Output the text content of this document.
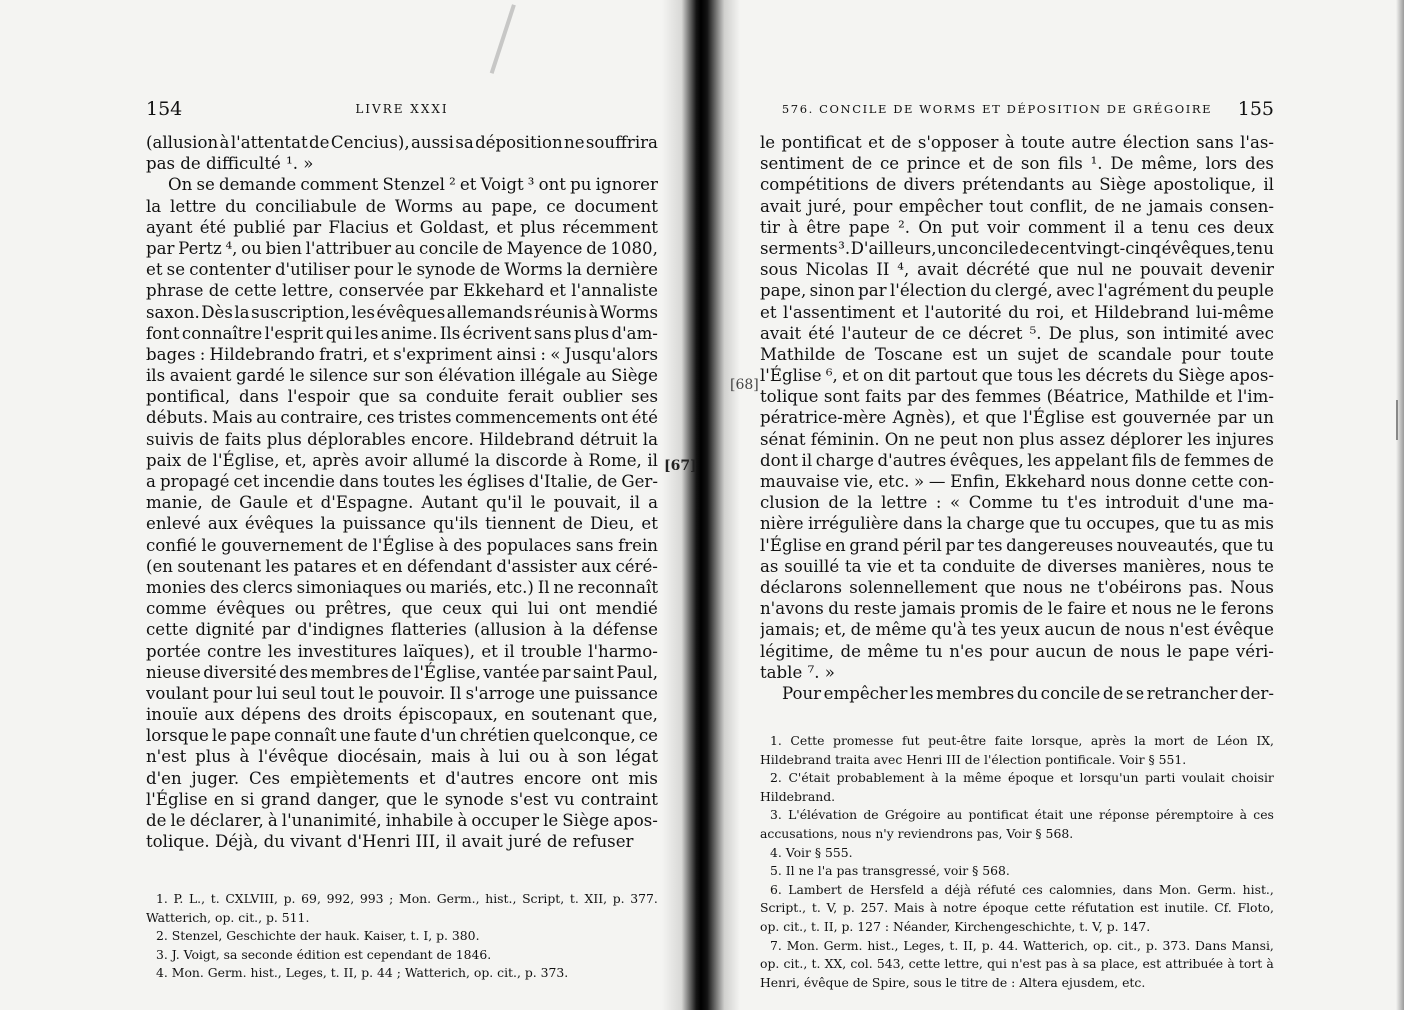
154	LIVRE XXXI
(allusion à l'attentat de Cencius), aussi sa déposition ne souffrira
pas de difficulté ¹. »
On se demande comment Stenzel ² et Voigt ³ ont pu ignorer
la lettre du conciliabule de Worms au pape, ce document
ayant été publié par Flacius et Goldast, et plus récemment
par Pertz ⁴, ou bien l'attribuer au concile de Mayence de 1080,
et se contenter d'utiliser pour le synode de Worms la dernière
phrase de cette lettre, conservée par Ekkehard et l'annaliste
saxon. Dès la suscription, les évêques allemands réunis à Worms
font connaître l'esprit qui les anime. Ils écrivent sans plus d'am-
bages : Hildebrando fratri, et s'expriment ainsi : « Jusqu'alors
ils avaient gardé le silence sur son élévation illégale au Siège
pontifical, dans l'espoir que sa conduite ferait oublier ses
débuts. Mais au contraire, ces tristes commencements ont été
suivis de faits plus déplorables encore. Hildebrand détruit la
paix de l'Église, et, après avoir allumé la discorde à Rome, il
a propagé cet incendie dans toutes les églises d'Italie, de Ger-
manie, de Gaule et d'Espagne. Autant qu'il le pouvait, il a
enlevé aux évêques la puissance qu'ils tiennent de Dieu, et
confié le gouvernement de l'Église à des populaces sans frein
(en soutenant les patares et en défendant d'assister aux céré-
monies des clercs simoniaques ou mariés, etc.) Il ne reconnaît
comme évêques ou prêtres, que ceux qui lui ont mendié
cette dignité par d'indignes flatteries (allusion à la défense
portée contre les investitures laïques), et il trouble l'harmo-
nieuse diversité des membres de l'Église, vantée par saint Paul,
voulant pour lui seul tout le pouvoir. Il s'arroge une puissance
inouïe aux dépens des droits épiscopaux, en soutenant que,
lorsque le pape connaît une faute d'un chrétien quelconque, ce
n'est plus à l'évêque diocésain, mais à lui ou à son légat
d'en juger. Ces empiètements et d'autres encore ont mis
l'Église en si grand danger, que le synode s'est vu contraint
de le déclarer, à l'unanimité, inhabile à occuper le Siège apos-
tolique. Déjà, du vivant d'Henri III, il avait juré de refuser
1. P. L., t. CXLVIII, p. 69, 992, 993 ; Mon. Germ., hist., Script, t. XII, p. 377.
Watterich, op. cit., p. 511.
2. Stenzel, Geschichte der hauk. Kaiser, t. I, p. 380.
3. J. Voigt, sa seconde édition est cependant de 1846.
4. Mon. Germ. hist., Leges, t. II, p. 44 ; Watterich, op. cit., p. 373.
[67]
[68]
576. CONCILE DE WORMS ET DÉPOSITION DE GRÉGOIRE	155
le pontificat et de s'opposer à toute autre élection sans l'as-
sentiment de ce prince et de son fils ¹. De même, lors des
compétitions de divers prétendants au Siège apostolique, il
avait juré, pour empêcher tout conflit, de ne jamais consen-
tir à être pape ². On put voir comment il a tenu ces deux
serments ³. D'ailleurs, un concile de cent vingt-cinq évêques, tenu
sous Nicolas II ⁴, avait décrété que nul ne pouvait devenir
pape, sinon par l'élection du clergé, avec l'agrément du peuple
et l'assentiment et l'autorité du roi, et Hildebrand lui-même
avait été l'auteur de ce décret ⁵. De plus, son intimité avec
Mathilde de Toscane est un sujet de scandale pour toute
l'Église ⁶, et on dit partout que tous les décrets du Siège apos-
tolique sont faits par des femmes (Béatrice, Mathilde et l'im-
pératrice-mère Agnès), et que l'Église est gouvernée par un
sénat féminin. On ne peut non plus assez déplorer les injures
dont il charge d'autres évêques, les appelant fils de femmes de
mauvaise vie, etc. » — Enfin, Ekkehard nous donne cette con-
clusion de la lettre : « Comme tu t'es introduit d'une ma-
nière irrégulière dans la charge que tu occupes, que tu as mis
l'Église en grand péril par tes dangereuses nouveautés, que tu
as souillé ta vie et ta conduite de diverses manières, nous te
déclarons solennellement que nous ne t'obéirons pas. Nous
n'avons du reste jamais promis de le faire et nous ne le ferons
jamais; et, de même qu'à tes yeux aucun de nous n'est évêque
légitime, de même tu n'es pour aucun de nous le pape véri-
table ⁷. »
Pour empêcher les membres du concile de se retrancher der-
1. Cette promesse fut peut-être faite lorsque, après la mort de Léon IX,
Hildebrand traita avec Henri III de l'élection pontificale. Voir § 551.
2. C'était probablement à la même époque et lorsqu'un parti voulait choisir
Hildebrand.
3. L'élévation de Grégoire au pontificat était une réponse péremptoire à ces
accusations, nous n'y reviendrons pas, Voir § 568.
4. Voir § 555.
5. Il ne l'a pas transgressé, voir § 568.
6. Lambert de Hersfeld a déjà réfuté ces calomnies, dans Mon. Germ. hist.,
Script., t. V, p. 257. Mais à notre époque cette réfutation est inutile. Cf. Floto,
op. cit., t. II, p. 127 : Néander, Kirchengeschichte, t. V, p. 147.
7. Mon. Germ. hist., Leges, t. II, p. 44. Watterich, op. cit., p. 373. Dans Mansi,
op. cit., t. XX, col. 543, cette lettre, qui n'est pas à sa place, est attribuée à tort à
Henri, évêque de Spire, sous le titre de : Altera ejusdem, etc.
